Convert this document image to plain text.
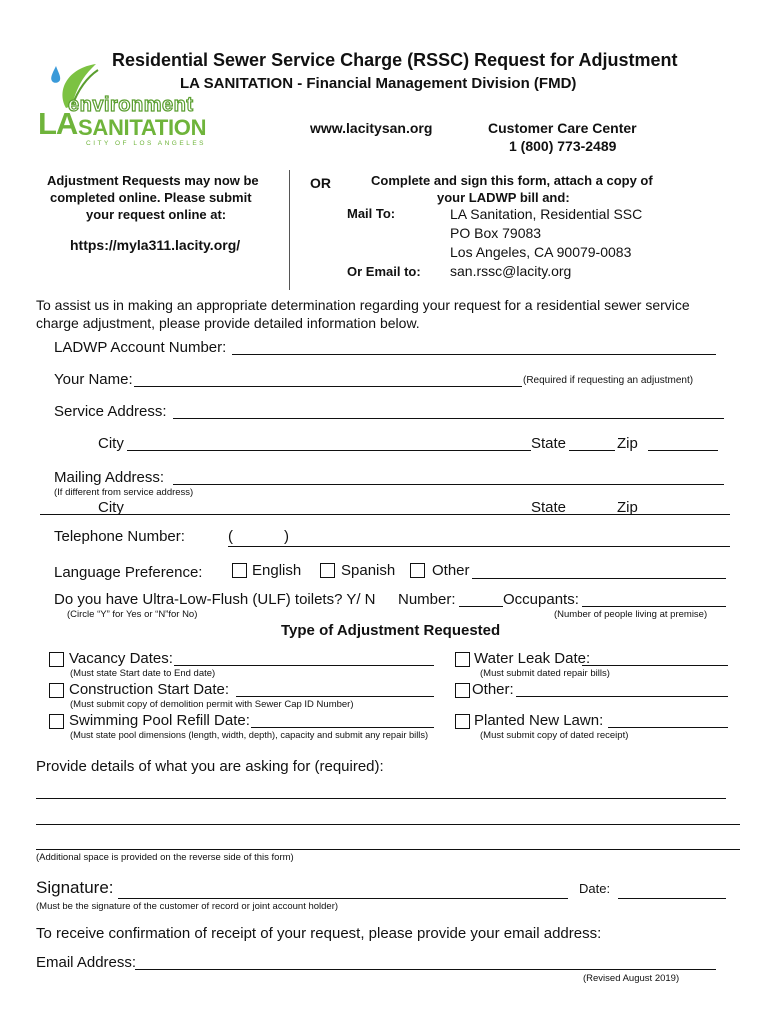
environment
LA SANITATION
CITY OF LOS ANGELES
Residential Sewer Service Charge (RSSC) Request for Adjustment
LA SANITATION - Financial Management Division (FMD)
www.lacitysan.org	Customer Care Center
1 (800) 773-2489
Adjustment Requests may now be
completed online. Please submit
your request online at:
https://myla311.lacity.org/
OR	Complete and sign this form, attach a copy of
your LADWP bill and:
Mail To:	LA Sanitation, Residential SSC
PO Box 79083
Los Angeles, CA 90079-0083
Or Email to: san.rssc@lacity.org
To assist us in making an appropriate determination regarding your request for a residential sewer service
charge adjustment, please provide detailed information below.
LADWP Account Number:
Your Name:	(Required if requesting an adjustment)
Service Address:
City	State	Zip
Mailing Address:
(If different from service address)
City	State	Zip
Telephone Number:	(	)
Language Preference:	English	Spanish Other
Do you have Ultra-Low-Flush (ULF) toilets? Y/ N
(Circle “Y” for Yes or “N”for No)
Number:	Occupants:
(Number of people living at premise)
Type of Adjustment Requested
Vacancy Dates:
(Must state Start date to End date)
Water Leak Date:
(Must submit dated repair bills)
Construction Start Date:
(Must submit copy of demolition permit with Sewer Cap ID Number)
Other:
Swimming Pool Refill Date:
(Must state pool dimensions (length, width, depth), capacity and submit any repair bills)
Planted New Lawn:
(Must submit copy of dated receipt)
Provide details of what you are asking for (required):
(Additional space is provided on the reverse side of this form)
Signature:	Date:
(Must be the signature of the customer of record or joint account holder)
To receive confirmation of receipt of your request, please provide your email address:
Email Address:
(Revised August 2019)
